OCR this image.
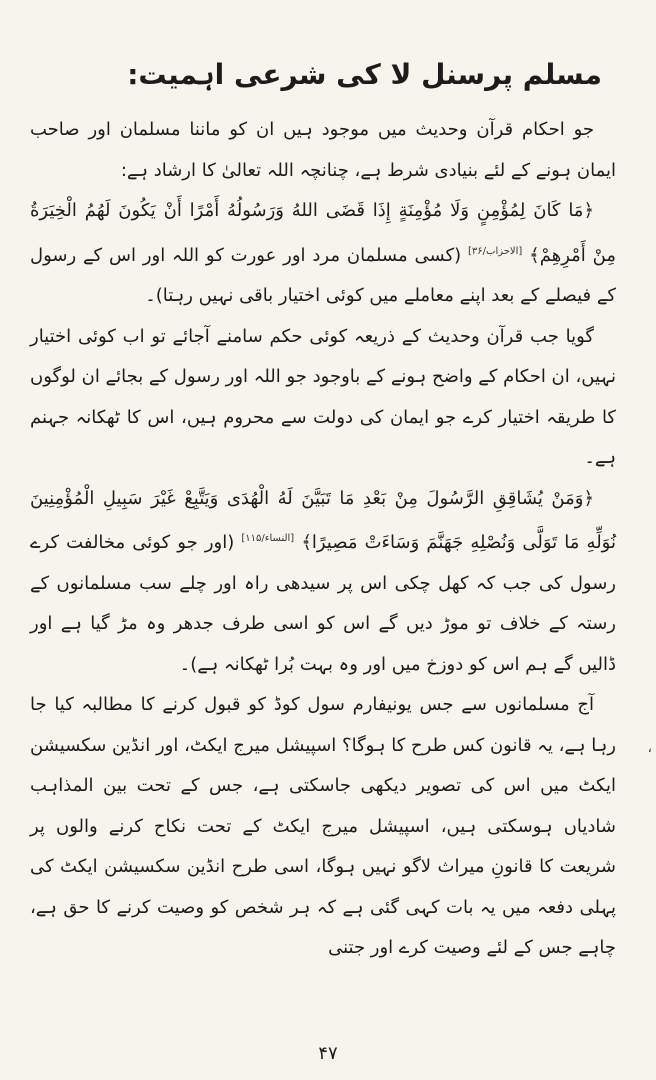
مسلم پرسنل لا کی شرعی اہمیت:

جو احکام قرآن وحدیث میں موجود ہیں ان کو ماننا مسلمان اور صاحب ایمان ہونے کے لئے بنیادی شرط ہے، چنانچہ اللہ تعالیٰ کا ارشاد ہے:

﴿مَا كَانَ لِمُؤْمِنٍ وَلَا مُؤْمِنَةٍ إِذَا قَضَى اللهُ وَرَسُولُهُ أَمْرًا أَنْ يَكُونَ لَهُمُ الْخِيَرَةُ مِنْ أَمْرِهِمْ﴾ [الاحزاب/۳۶] (کسی مسلمان مرد اور عورت کو اللہ اور اس کے رسول کے فیصلے کے بعد اپنے معاملے میں کوئی اختیار باقی نہیں رہتا)۔

گویا جب قرآن وحدیث کے ذریعہ کوئی حکم سامنے آجائے تو اب کوئی اختیار نہیں، ان احکام کے واضح ہونے کے باوجود جو اللہ اور رسول کے بجائے ان لوگوں کا طریقہ اختیار کرے جو ایمان کی دولت سے محروم ہیں، اس کا ٹھکانہ جہنم ہے۔

﴿وَمَنْ يُشَاقِقِ الرَّسُولَ مِنْ بَعْدِ مَا تَبَيَّنَ لَهُ الْهُدَى وَيَتَّبِعْ غَيْرَ سَبِيلِ الْمُؤْمِنِينَ نُوَلِّهِ مَا تَوَلَّى وَنُصْلِهِ جَهَنَّمَ وَسَاءَتْ مَصِيرًا﴾ [النساء/۱۱۵] (اور جو کوئی مخالفت کرے رسول کی جب کہ کھل چکی اس پر سیدھی راہ اور چلے سب مسلمانوں کے رستہ کے خلاف تو موڑ دیں گے اس کو اسی طرف جدھر وہ مڑ گیا ہے اور ڈالیں گے ہم اس کو دوزخ میں اور وہ بہت بُرا ٹھکانہ ہے)۔

آج مسلمانوں سے جس یونیفارم سول کوڈ کو قبول کرنے کا مطالبہ کیا جا رہا ہے، یہ قانون کس طرح کا ہوگا؟ اسپیشل میرج ایکٹ، اور انڈین سکسیشن ایکٹ میں اس کی تصویر دیکھی جاسکتی ہے، جس کے تحت بین المذاہب شادیاں ہوسکتی ہیں، اسپیشل میرج ایکٹ کے تحت نکاح کرنے والوں پر شریعت کا قانونِ میراث لاگو نہیں ہوگا، اسی طرح انڈین سکسیشن ایکٹ کی پہلی دفعہ میں یہ بات کہی گئی ہے کہ ہر شخص کو وصیت کرنے کا حق ہے، چاہے جس کے لئے وصیت کرے اور جتنی

،
۴۷
